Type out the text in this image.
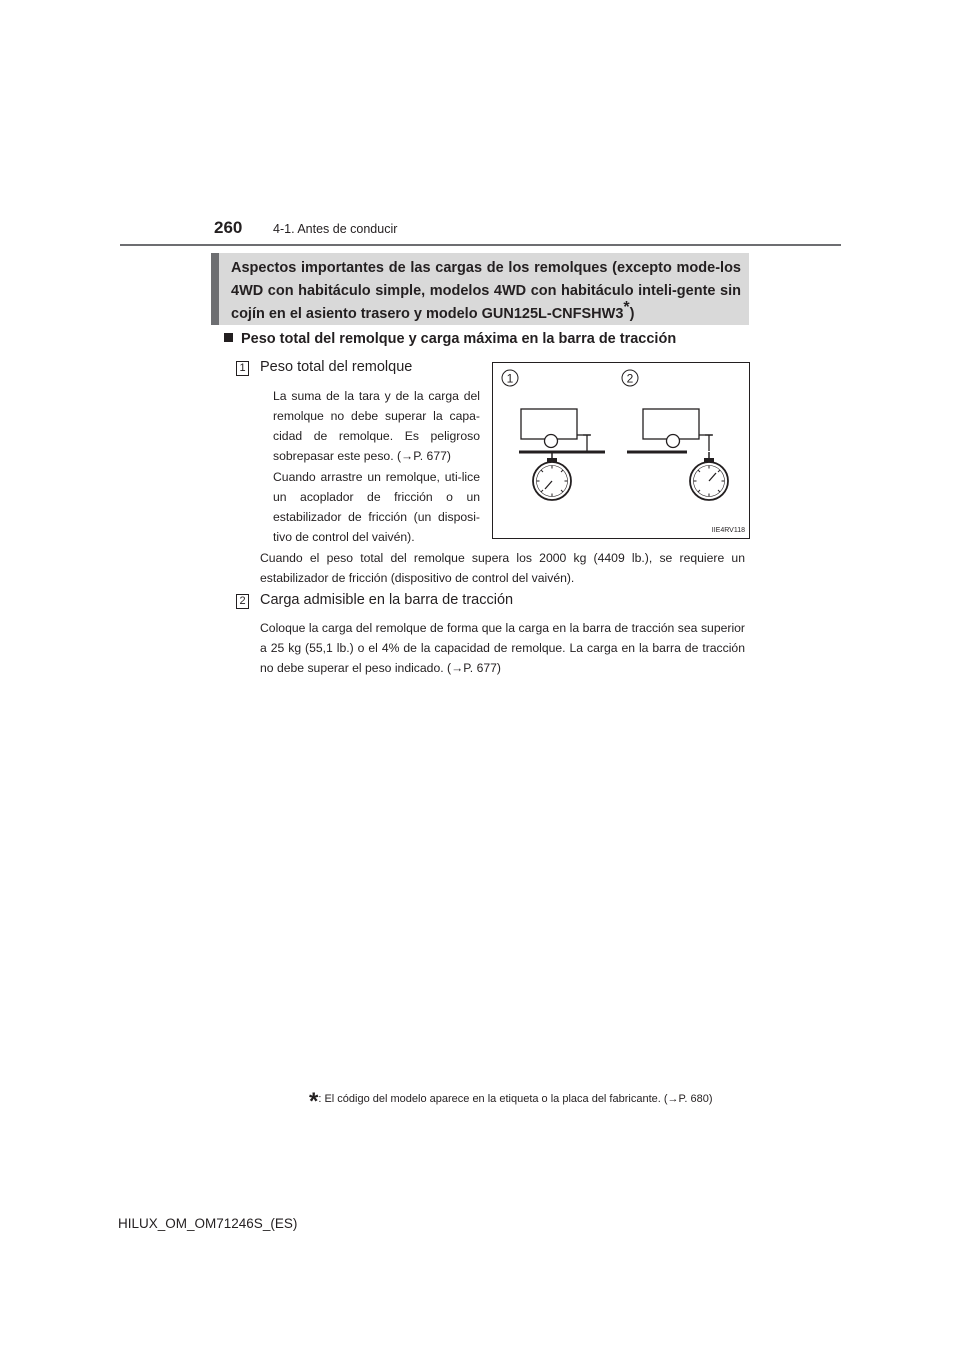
260 4-1. Antes de conducir
Aspectos importantes de las cargas de los remolques (excepto mode-los 4WD con habitáculo simple, modelos 4WD con habitáculo inteli-gente sin cojín en el asiento trasero y modelo GUN125L-CNFSHW3*)
Peso total del remolque y carga máxima en la barra de tracción
1 Peso total del remolque
La suma de la tara y de la carga del remolque no debe superar la capa-cidad de remolque. Es peligroso sobrepasar este peso. (→P. 677)
Cuando arrastre un remolque, uti-lice un acoplador de fricción o un estabilizador de fricción (un disposi-tivo de control del vaivén).
Cuando el peso total del remolque supera los 2000 kg (4409 lb.), se requiere un estabilizador de fricción (dispositivo de control del vaivén).
2 Carga admisible en la barra de tracción
Coloque la carga del remolque de forma que la carga en la barra de tracción sea superior a 25 kg (55,1 lb.) o el 4% de la capacidad de remolque. La carga en la barra de tracción no debe superar el peso indicado. (→P. 677)
1	2
IIE4RV118
*: El código del modelo aparece en la etiqueta o la placa del fabricante. (→P. 680)
HILUX_OM_OM71246S_(ES)
